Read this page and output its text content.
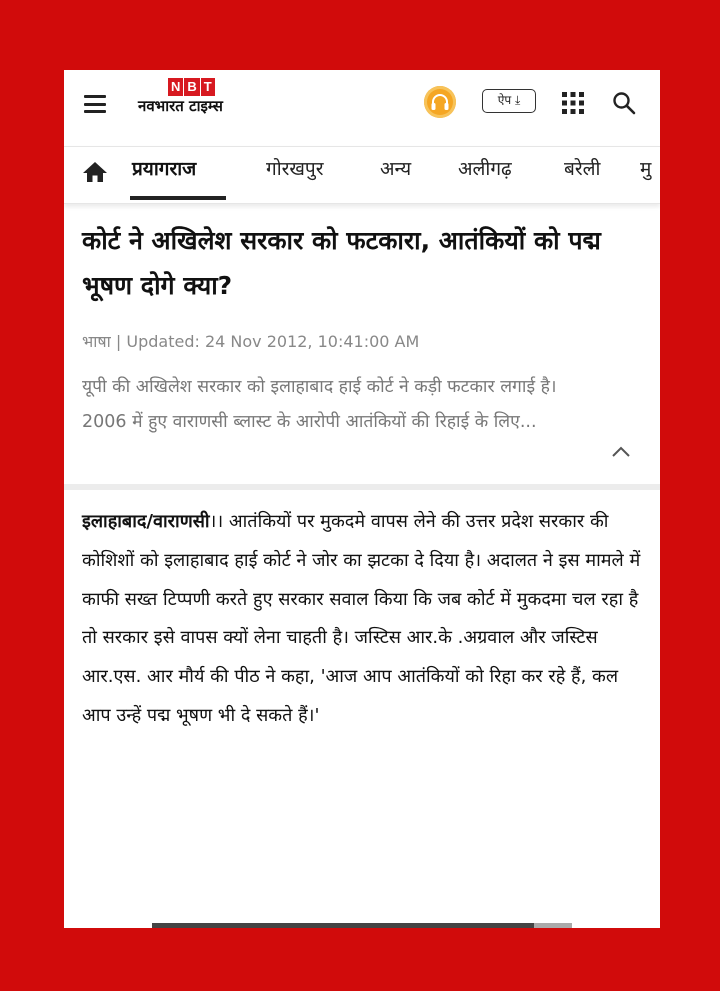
N B T
नवभारत टाइम्स	ऐप ⤓
प्रयागराज	गोरखपुर	अन्य अलीगढ़	बरेली मु
कोर्ट ने अखिलेश सरकार को फटकारा, आतंकियों को पद्म भूषण दोगे क्या?
भाषा | Updated: 24 Nov 2012, 10:41:00 AM
यूपी की अखिलेश सरकार को इलाहाबाद हाई कोर्ट ने कड़ी फटकार लगाई है। 2006 में हुए वाराणसी ब्लास्ट के आरोपी आतंकियों की रिहाई के लिए...
इलाहाबाद/वाराणसी।। आतंकियों पर मुकदमे वापस लेने की उत्तर प्रदेश सरकार की कोशिशों को इलाहाबाद हाई कोर्ट ने जोर का झटका दे दिया है। अदालत ने इस मामले में काफी सख्त टिप्पणी करते हुए सरकार सवाल किया कि जब कोर्ट में मुकदमा चल रहा है तो सरकार इसे वापस क्यों लेना चाहती है। जस्टिस आर.के .अग्रवाल और जस्टिस आर.एस. आर मौर्य की पीठ ने कहा, 'आज आप आतंकियों को रिहा कर रहे हैं, कल आप उन्हें पद्म भूषण भी दे सकते हैं।'
